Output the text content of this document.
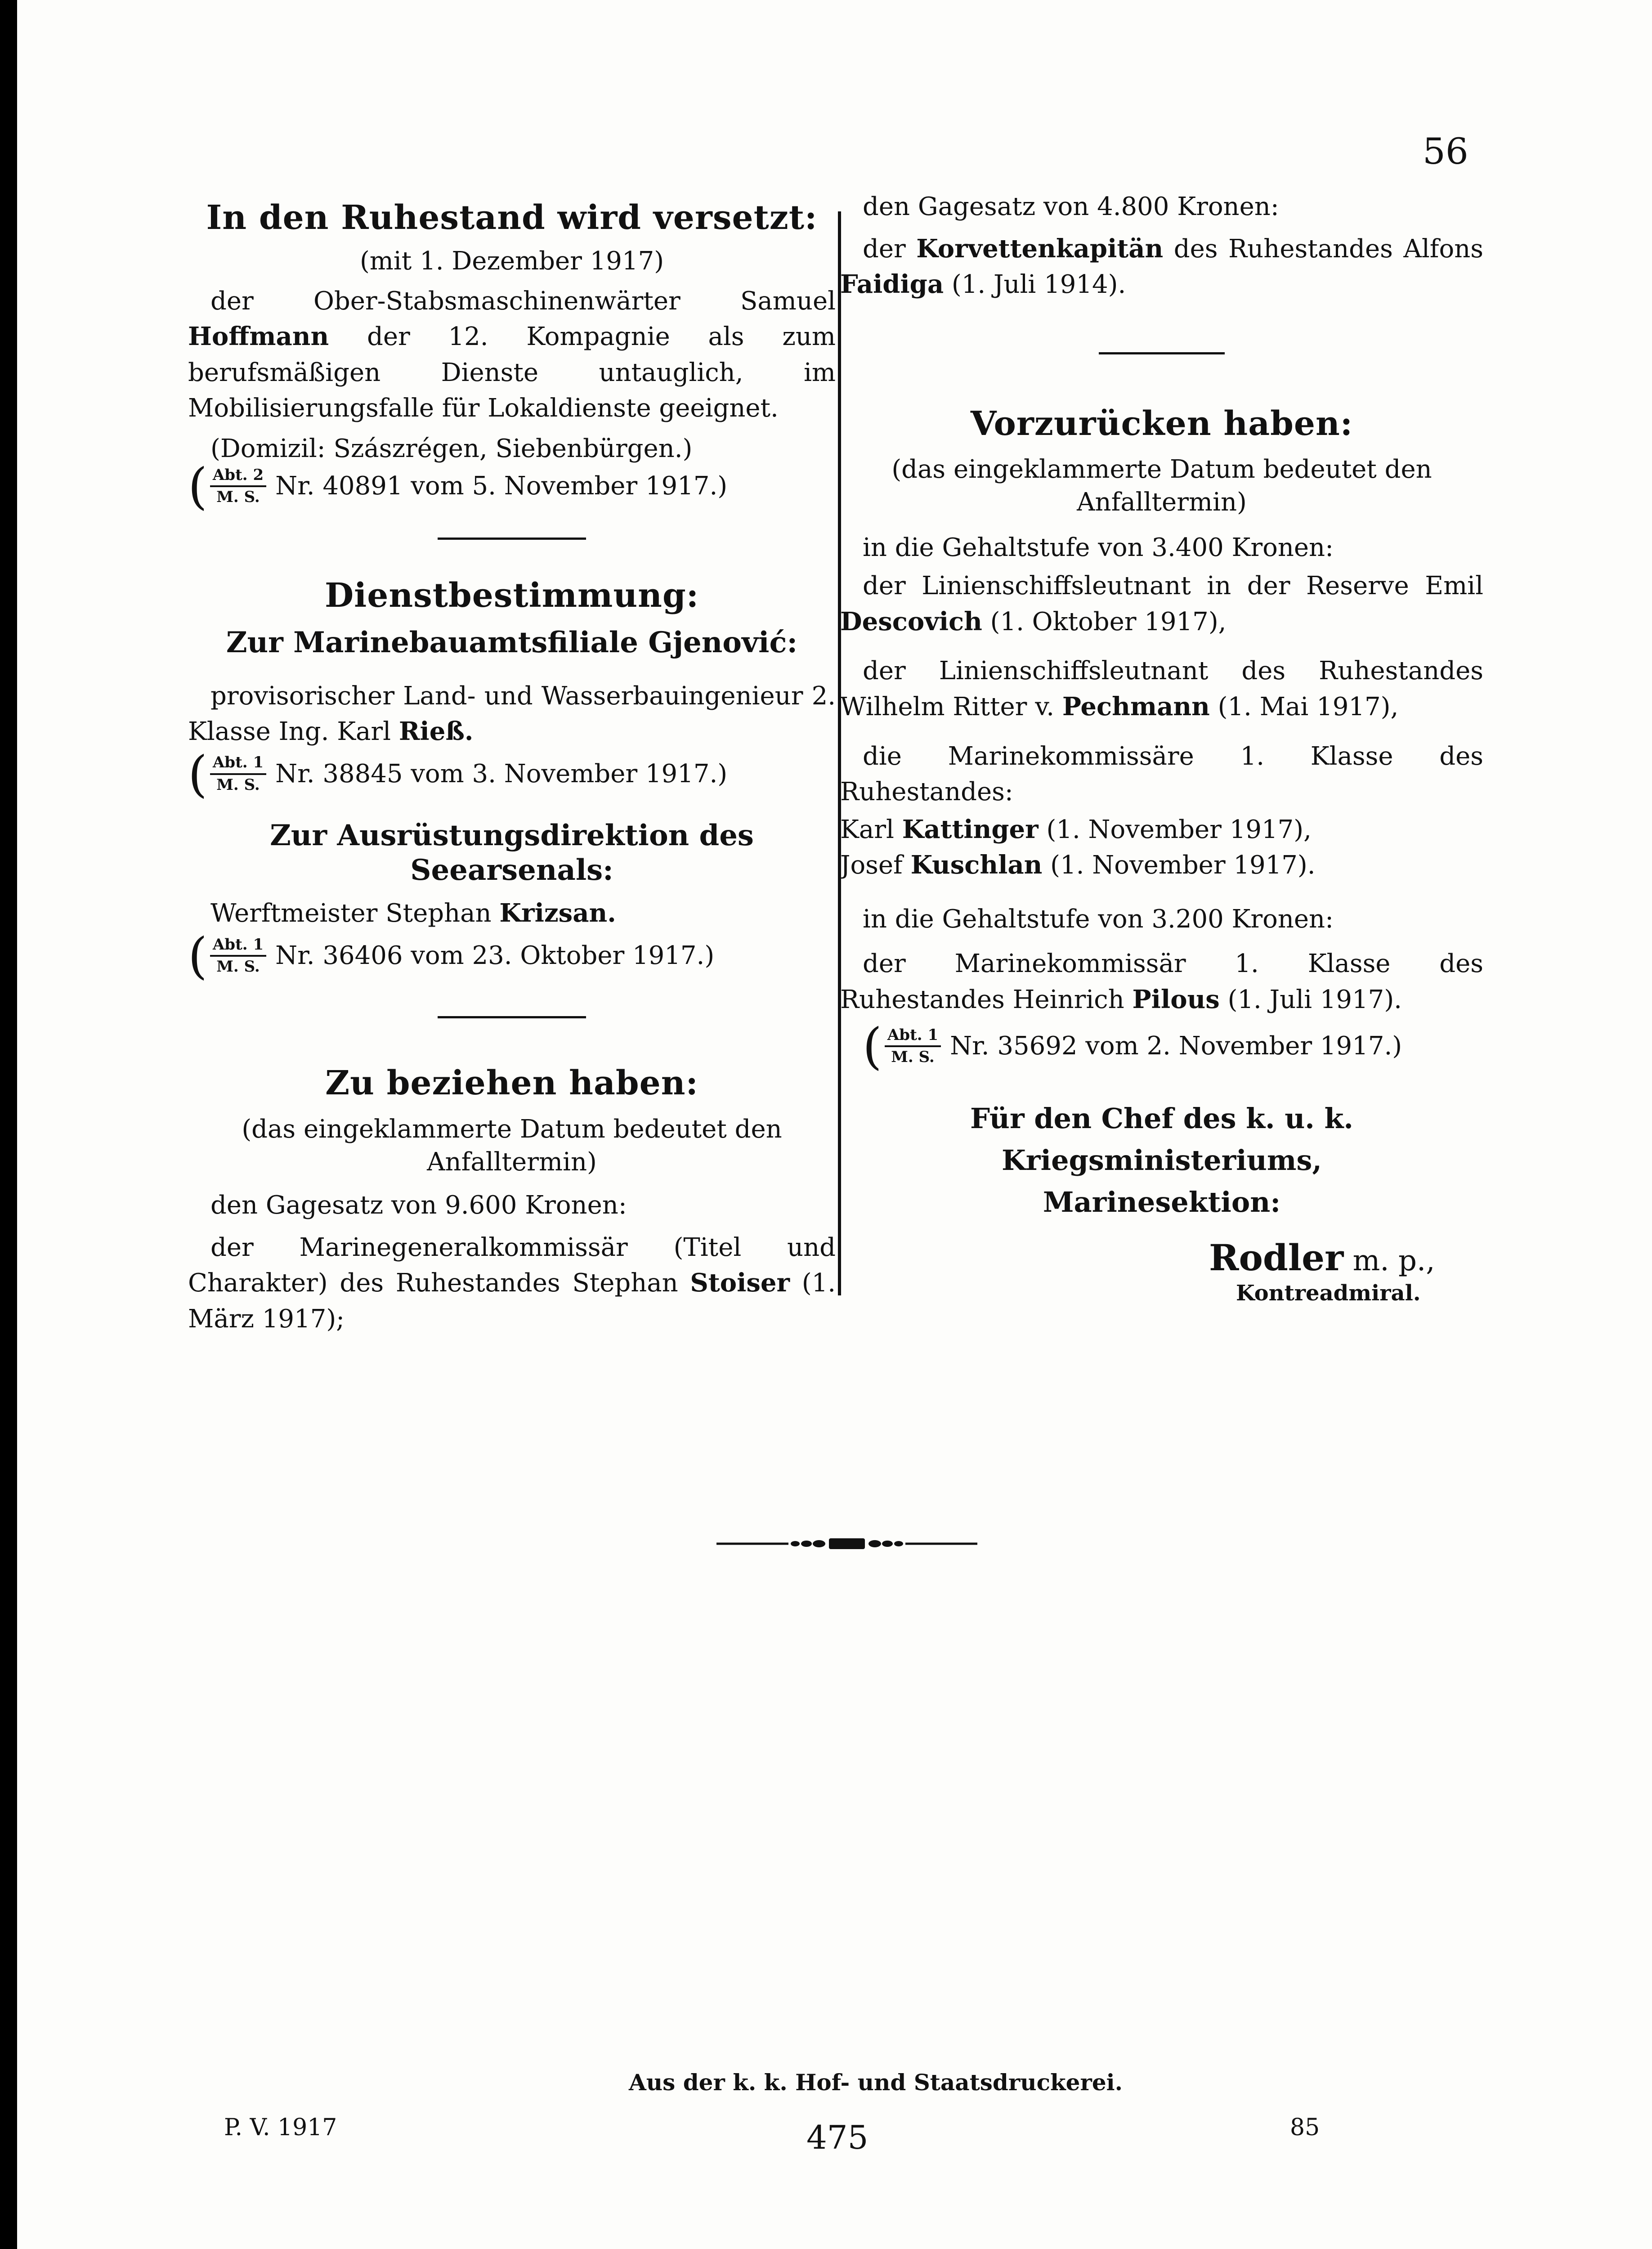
56
In den Ruhestand wird versetzt:
(mit 1. Dezember 1917)

der Ober-Stabsmaschinenwärter Samuel Hoffmann der 12. Kompagnie als zum berufsmäßigen Dienste untauglich, im Mobilisierungsfalle für Lokaldienste geeignet.

(Domizil: Szászrégen, Siebenbürgen.)

( $\frac{\text{Abt. 2}}{M. S.} Nr$. 40891 vom 5. November 1917.)
Dienstbestimmung:
Zur Marinebauamtsfiliale Gjenović:

provisorischer Land- und Wasserbauingenieur 2. Klasse Ing. Karl Rieß.

( $\frac{\text{Abt. 1}}{M. S.} Nr$. 38845 vom 3. November 1917.)
Zur Ausrüstungsdirektion des Seearsenals:

Werftmeister Stephan Krizsan.

( $\frac{\text{Abt. 1}}{M. S.} Nr$. 36406 vom 23. Oktober 1917.)
Zu beziehen haben:
(das eingeklammerte Datum bedeutet den Anfalltermin)

den Gagesatz von 9.600 Kronen:

der Marinegeneralkommissär (Titel und Charakter) des Ruhestandes Stephan Stoiser (1. März 1917);

den Gagesatz von 4.800 Kronen:

der Korvettenkapitän des Ruhestandes Alfons Faidiga (1. Juli 1914).

Vorzurücken haben:
(das eingeklammerte Datum bedeutet den Anfalltermin)

in die Gehaltstufe von 3.400 Kronen:

der Linienschiffsleutnant in der Reserve Emil Descovich (1. Oktober 1917),

der Linienschiffsleutnant des Ruhestandes Wilhelm Ritter v. Pechmann (1. Mai 1917),

die Marinekommissäre 1. Klasse des Ruhestandes:

Karl Kattinger (1. November 1917),

Josef Kuschlan (1. November 1917).

in die Gehaltstufe von 3.200 Kronen:

der Marinekommissär 1. Klasse des Ruhestandes Heinrich Pilous (1. Juli 1917).

( $\frac{\text{Abt. 1}}{M. S.} Nr$. 35692 vom 2. November 1917.)
Für den Chef des k. u. k. Kriegsministeriums,
Marinesektion:
Rodler m. p.,
Kontreadmiral.
Aus der k. k. Hof- und Staatsdruckerei.
P. V. 1917	475	85
